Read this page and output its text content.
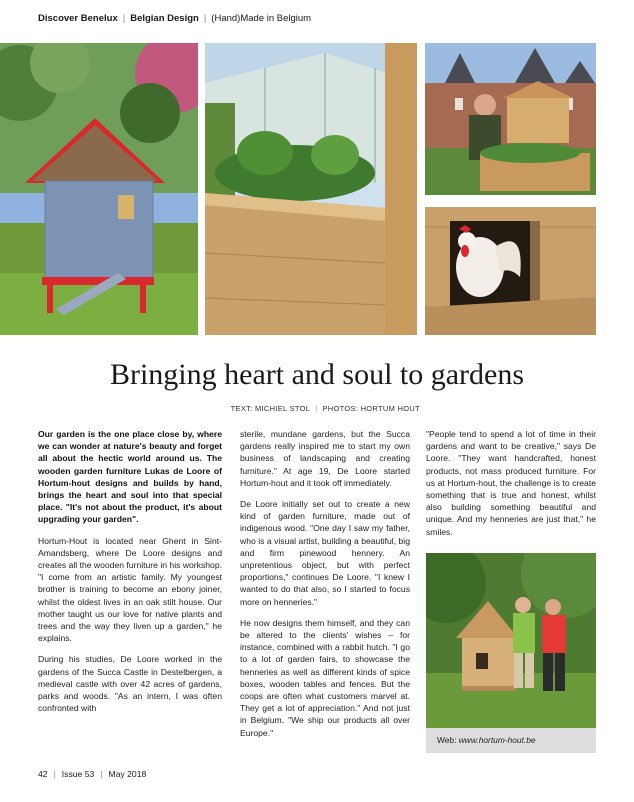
Discover Benelux | Belgian Design | (Hand)Made in Belgium
Bringing heart and soul to gardens
TEXT: MICHIEL STOL | PHOTOS: HORTUM HOUT

Our garden is the one place close by, where we can wonder at nature's beauty and forget all about the hectic world around us. The wooden garden furniture Lukas de Loore of Hortum-hout designs and builds by hand, brings the heart and soul into that special place. "It's not about the product, it's about upgrading your garden".

Hortum-Hout is located near Ghent in Sint-Amandsberg, where De Loore designs and creates all the wooden furniture in his workshop. "I come from an artistic family. My youngest brother is training to become an ebony joiner, whilst the oldest lives in an oak stilt house. Our mother taught us our love for native plants and trees and the way they liven up a garden," he explains.

During his studies, De Loore worked in the gardens of the Succa Castle in Destelbergen, a medieval castle with over 42 acres of gardens, parks and woods. "As an intern, I was often confronted with

sterile, mundane gardens, but the Succa gardens really inspired me to start my own business of landscaping and creating furniture." At age 19, De Loore started Hortum-hout and it took off immediately.

De Loore initially set out to create a new kind of garden furniture, made out of indigenous wood. "One day I saw my father, who is a visual artist, building a beautiful, big and firm pinewood hennery. An unpretentious object, but with perfect proportions," continues De Loore. "I knew I wanted to do that also, so I started to focus more on henneries."

He now designs them himself, and they can be altered to the clients' wishes – for instance, combined with a rabbit hutch. "I go to a lot of garden fairs, to showcase the henneries as well as different kinds of spice boxes, wooden tables and fences. But the coops are often what customers marvel at. They get a lot of appreciation." And not just in Belgium. "We ship our products all over Europe."

"People tend to spend a lot of time in their gardens and want to be creative," says De Loore. "They want handcrafted, honest products, not mass produced furniture. For us at Hortum-hout, the challenge is to create something that is true and honest, whilst also building something beautiful and unique. And my henneries are just that," he smiles.

Web: www.hortum-hout.be
42 | Issue 53 | May 2018
